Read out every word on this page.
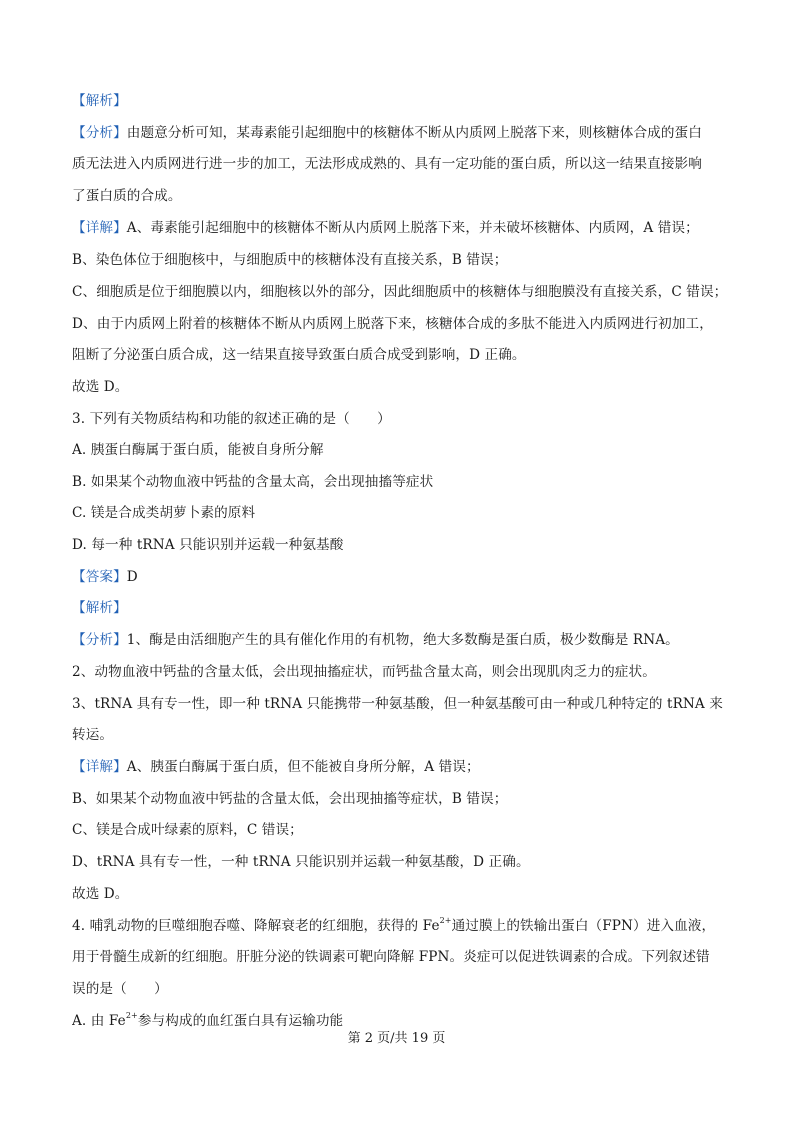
【解析】
【分析】由题意分析可知，某毒素能引起细胞中的核糖体不断从内质网上脱落下来，则核糖体合成的蛋白
质无法进入内质网进行进一步的加工，无法形成成熟的、具有一定功能的蛋白质，所以这一结果直接影响
了蛋白质的合成。
【详解】A、毒素能引起细胞中的核糖体不断从内质网上脱落下来，并未破坏核糖体、内质网，A 错误；
B、染色体位于细胞核中，与细胞质中的核糖体没有直接关系，B 错误；
C、细胞质是位于细胞膜以内，细胞核以外的部分，因此细胞质中的核糖体与细胞膜没有直接关系，C 错误；
D、由于内质网上附着的核糖体不断从内质网上脱落下来，核糖体合成的多肽不能进入内质网进行初加工，
阻断了分泌蛋白质合成，这一结果直接导致蛋白质合成受到影响，D 正确。
故选 D。
3. 下列有关物质结构和功能的叙述正确的是（　　）
A. 胰蛋白酶属于蛋白质，能被自身所分解
B. 如果某个动物血液中钙盐的含量太高，会出现抽搐等症状
C. 镁是合成类胡萝卜素的原料
D. 每一种 tRNA 只能识别并运载一种氨基酸
【答案】D
【解析】
【分析】1、酶是由活细胞产生的具有催化作用的有机物，绝大多数酶是蛋白质，极少数酶是 RNA。
2、动物血液中钙盐的含量太低，会出现抽搐症状，而钙盐含量太高，则会出现肌肉乏力的症状。
3、tRNA 具有专一性，即一种 tRNA 只能携带一种氨基酸，但一种氨基酸可由一种或几种特定的 tRNA 来
转运。
【详解】A、胰蛋白酶属于蛋白质，但不能被自身所分解，A 错误；
B、如果某个动物血液中钙盐的含量太低，会出现抽搐等症状，B 错误；
C、镁是合成叶绿素的原料，C 错误；
D、tRNA 具有专一性，一种 tRNA 只能识别并运载一种氨基酸，D 正确。
故选 D。
4. 哺乳动物的巨噬细胞吞噬、降解衰老的红细胞，获得的 $Fe^{2+}$通过膜上的铁输出蛋白（FPN）进入血液，
用于骨髓生成新的红细胞。肝脏分泌的铁调素可靶向降解 FPN。炎症可以促进铁调素的合成。下列叙述错
误的是（　　）
A. 由 $Fe^{2+}$参与构成的血红蛋白具有运输功能
第 2 页/共 19 页
